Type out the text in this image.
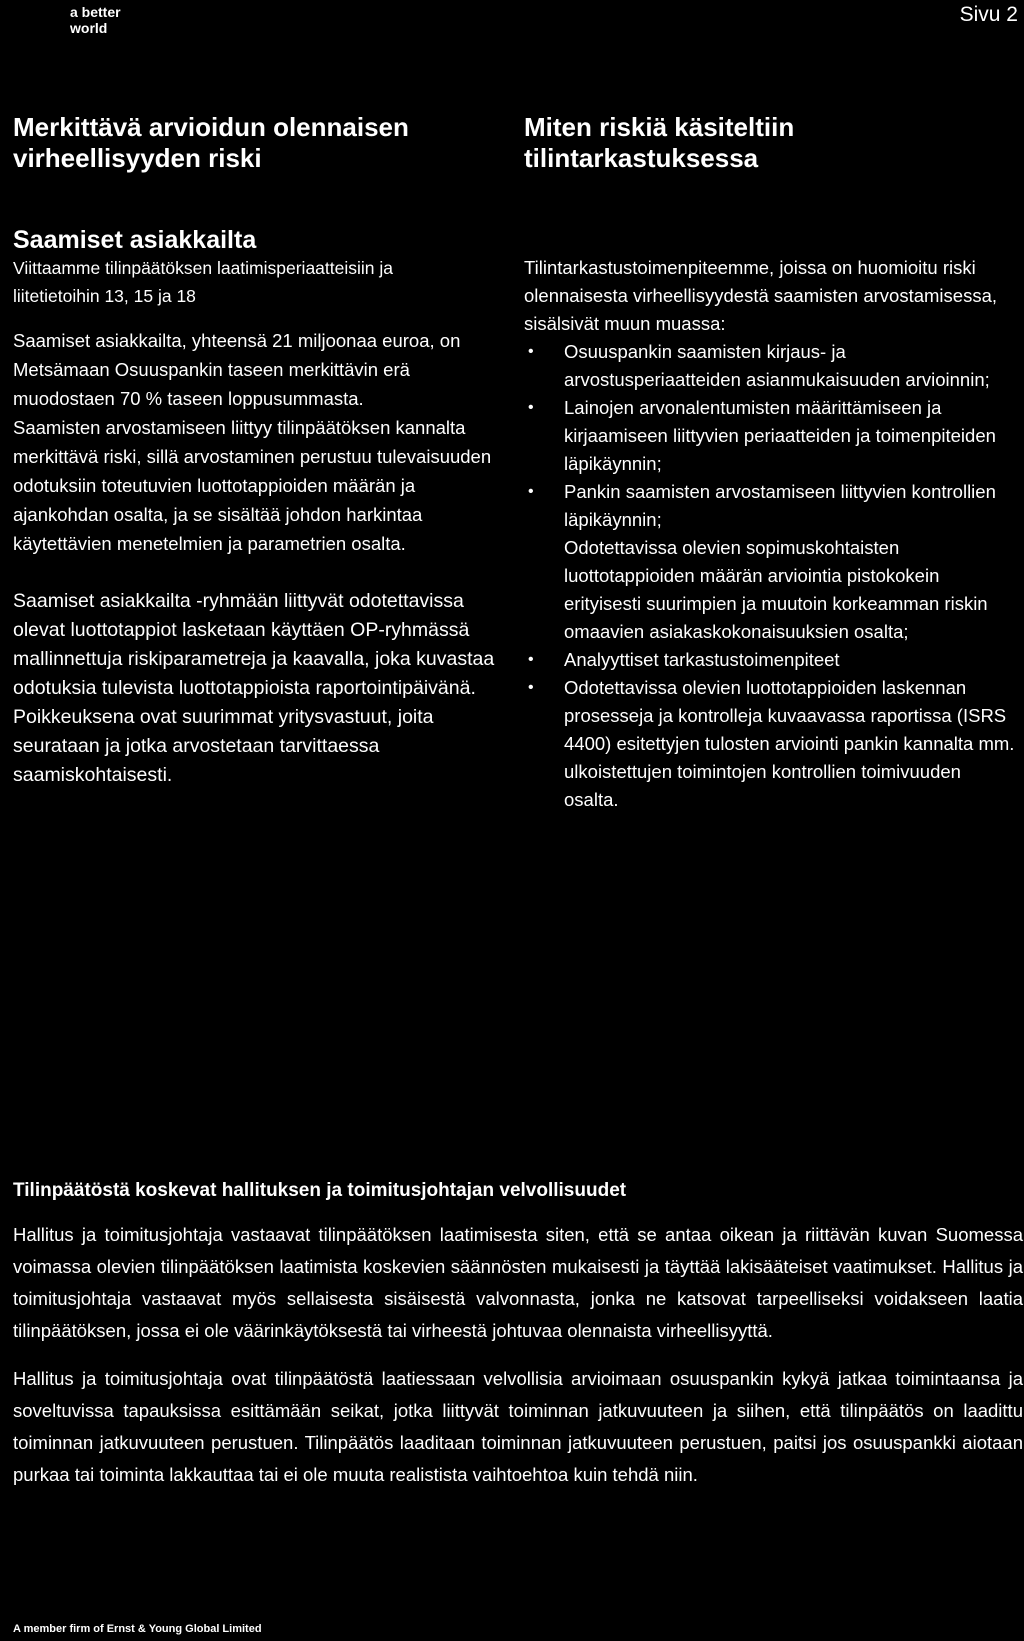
a better
world
Sivu 2
Merkittävä arvioidun olennaisen
virheellisyyden riski
Saamiset asiakkailta

Viittaamme tilinpäätöksen laatimisperiaatteisiin ja
liitetietoihin 13, 15 ja 18

Saamiset asiakkailta, yhteensä 21 miljoonaa euroa, on Metsämaan Osuuspankin taseen merkittävin erä muodostaen 70 % taseen loppusummasta.

Saamisten arvostamiseen liittyy tilinpäätöksen kannalta merkittävä riski, sillä arvostaminen perustuu tulevaisuuden odotuksiin toteutuvien luottotappioiden määrän ja ajankohdan osalta, ja se sisältää johdon harkintaa käytettävien menetelmien ja parametrien osalta.

Saamiset asiakkailta -ryhmään liittyvät odotettavissa olevat luottotappiot lasketaan käyttäen OP-ryhmässä mallinnettuja riskiparametreja ja kaavalla, joka kuvastaa odotuksia tulevista luottotappioista raportointipäivänä. Poikkeuksena ovat suurimmat yritysvastuut, joita seurataan ja jotka arvostetaan tarvittaessa saamiskohtaisesti.

Miten riskiä käsiteltiin
tilintarkastuksessa

Tilintarkastustoimenpiteemme, joissa on huomioitu riski olennaisesta virheellisyydestä saamisten arvostamisessa, sisälsivät muun muassa:

• Osuuspankin saamisten kirjaus- ja arvostusperiaatteiden asianmukaisuuden arvioinnin;
• Lainojen arvonalentumisten määrittämiseen ja kirjaamiseen liittyvien periaatteiden ja toimenpiteiden läpikäynnin;
• Pankin saamisten arvostamiseen liittyvien kontrollien läpikäynnin;
Odotettavissa olevien sopimuskohtaisten luottotappioiden määrän arviointia pistokokein erityisesti suurimpien ja muutoin korkeamman riskin omaavien asiakaskokonaisuuksien osalta;
• Analyyttiset tarkastustoimenpiteet
• Odotettavissa olevien luottotappioiden laskennan prosesseja ja kontrolleja kuvaavassa raportissa (ISRS 4400) esitettyjen tulosten arviointi pankin kannalta mm. ulkoistettujen toimintojen kontrollien toimivuuden osalta.
Tilinpäätöstä koskevat hallituksen ja toimitusjohtajan velvollisuudet

Hallitus ja toimitusjohtaja vastaavat tilinpäätöksen laatimisesta siten, että se antaa oikean ja riittävän kuvan Suomessa voimassa olevien tilinpäätöksen laatimista koskevien säännösten mukaisesti ja täyttää lakisääteiset vaatimukset. Hallitus ja toimitusjohtaja vastaavat myös sellaisesta sisäisestä valvonnasta, jonka ne katsovat tarpeelliseksi voidakseen laatia tilinpäätöksen, jossa ei ole väärinkäytöksestä tai virheestä johtuvaa olennaista virheellisyyttä.

Hallitus ja toimitusjohtaja ovat tilinpäätöstä laatiessaan velvollisia arvioimaan osuuspankin kykyä jatkaa toimintaansa ja soveltuvissa tapauksissa esittämään seikat, jotka liittyvät toiminnan jatkuvuuteen ja siihen, että tilinpäätös on laadittu toiminnan jatkuvuuteen perustuen. Tilinpäätös laaditaan toiminnan jatkuvuuteen perustuen, paitsi jos osuuspankki aiotaan purkaa tai toiminta lakkauttaa tai ei ole muuta realistista vaihtoehtoa kuin tehdä niin.

A member firm of Ernst & Young Global Limited
